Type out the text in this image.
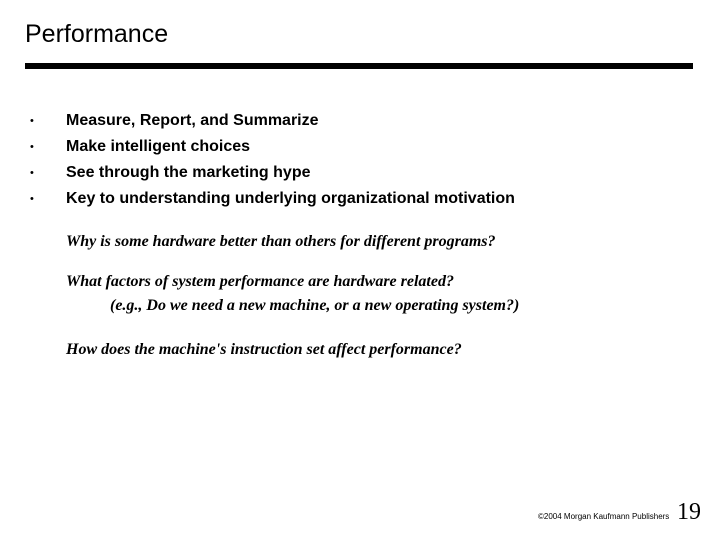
Performance
• Measure, Report, and Summarize
• Make intelligent choices
• See through the marketing hype
• Key to understanding underlying organizational motivation

Why is some hardware better than others for different programs?

What factors of system performance are hardware related?
(e.g., Do we need a new machine, or a new operating system?)

How does the machine's instruction set affect performance?

©2004 Morgan Kaufmann Publishers 19
